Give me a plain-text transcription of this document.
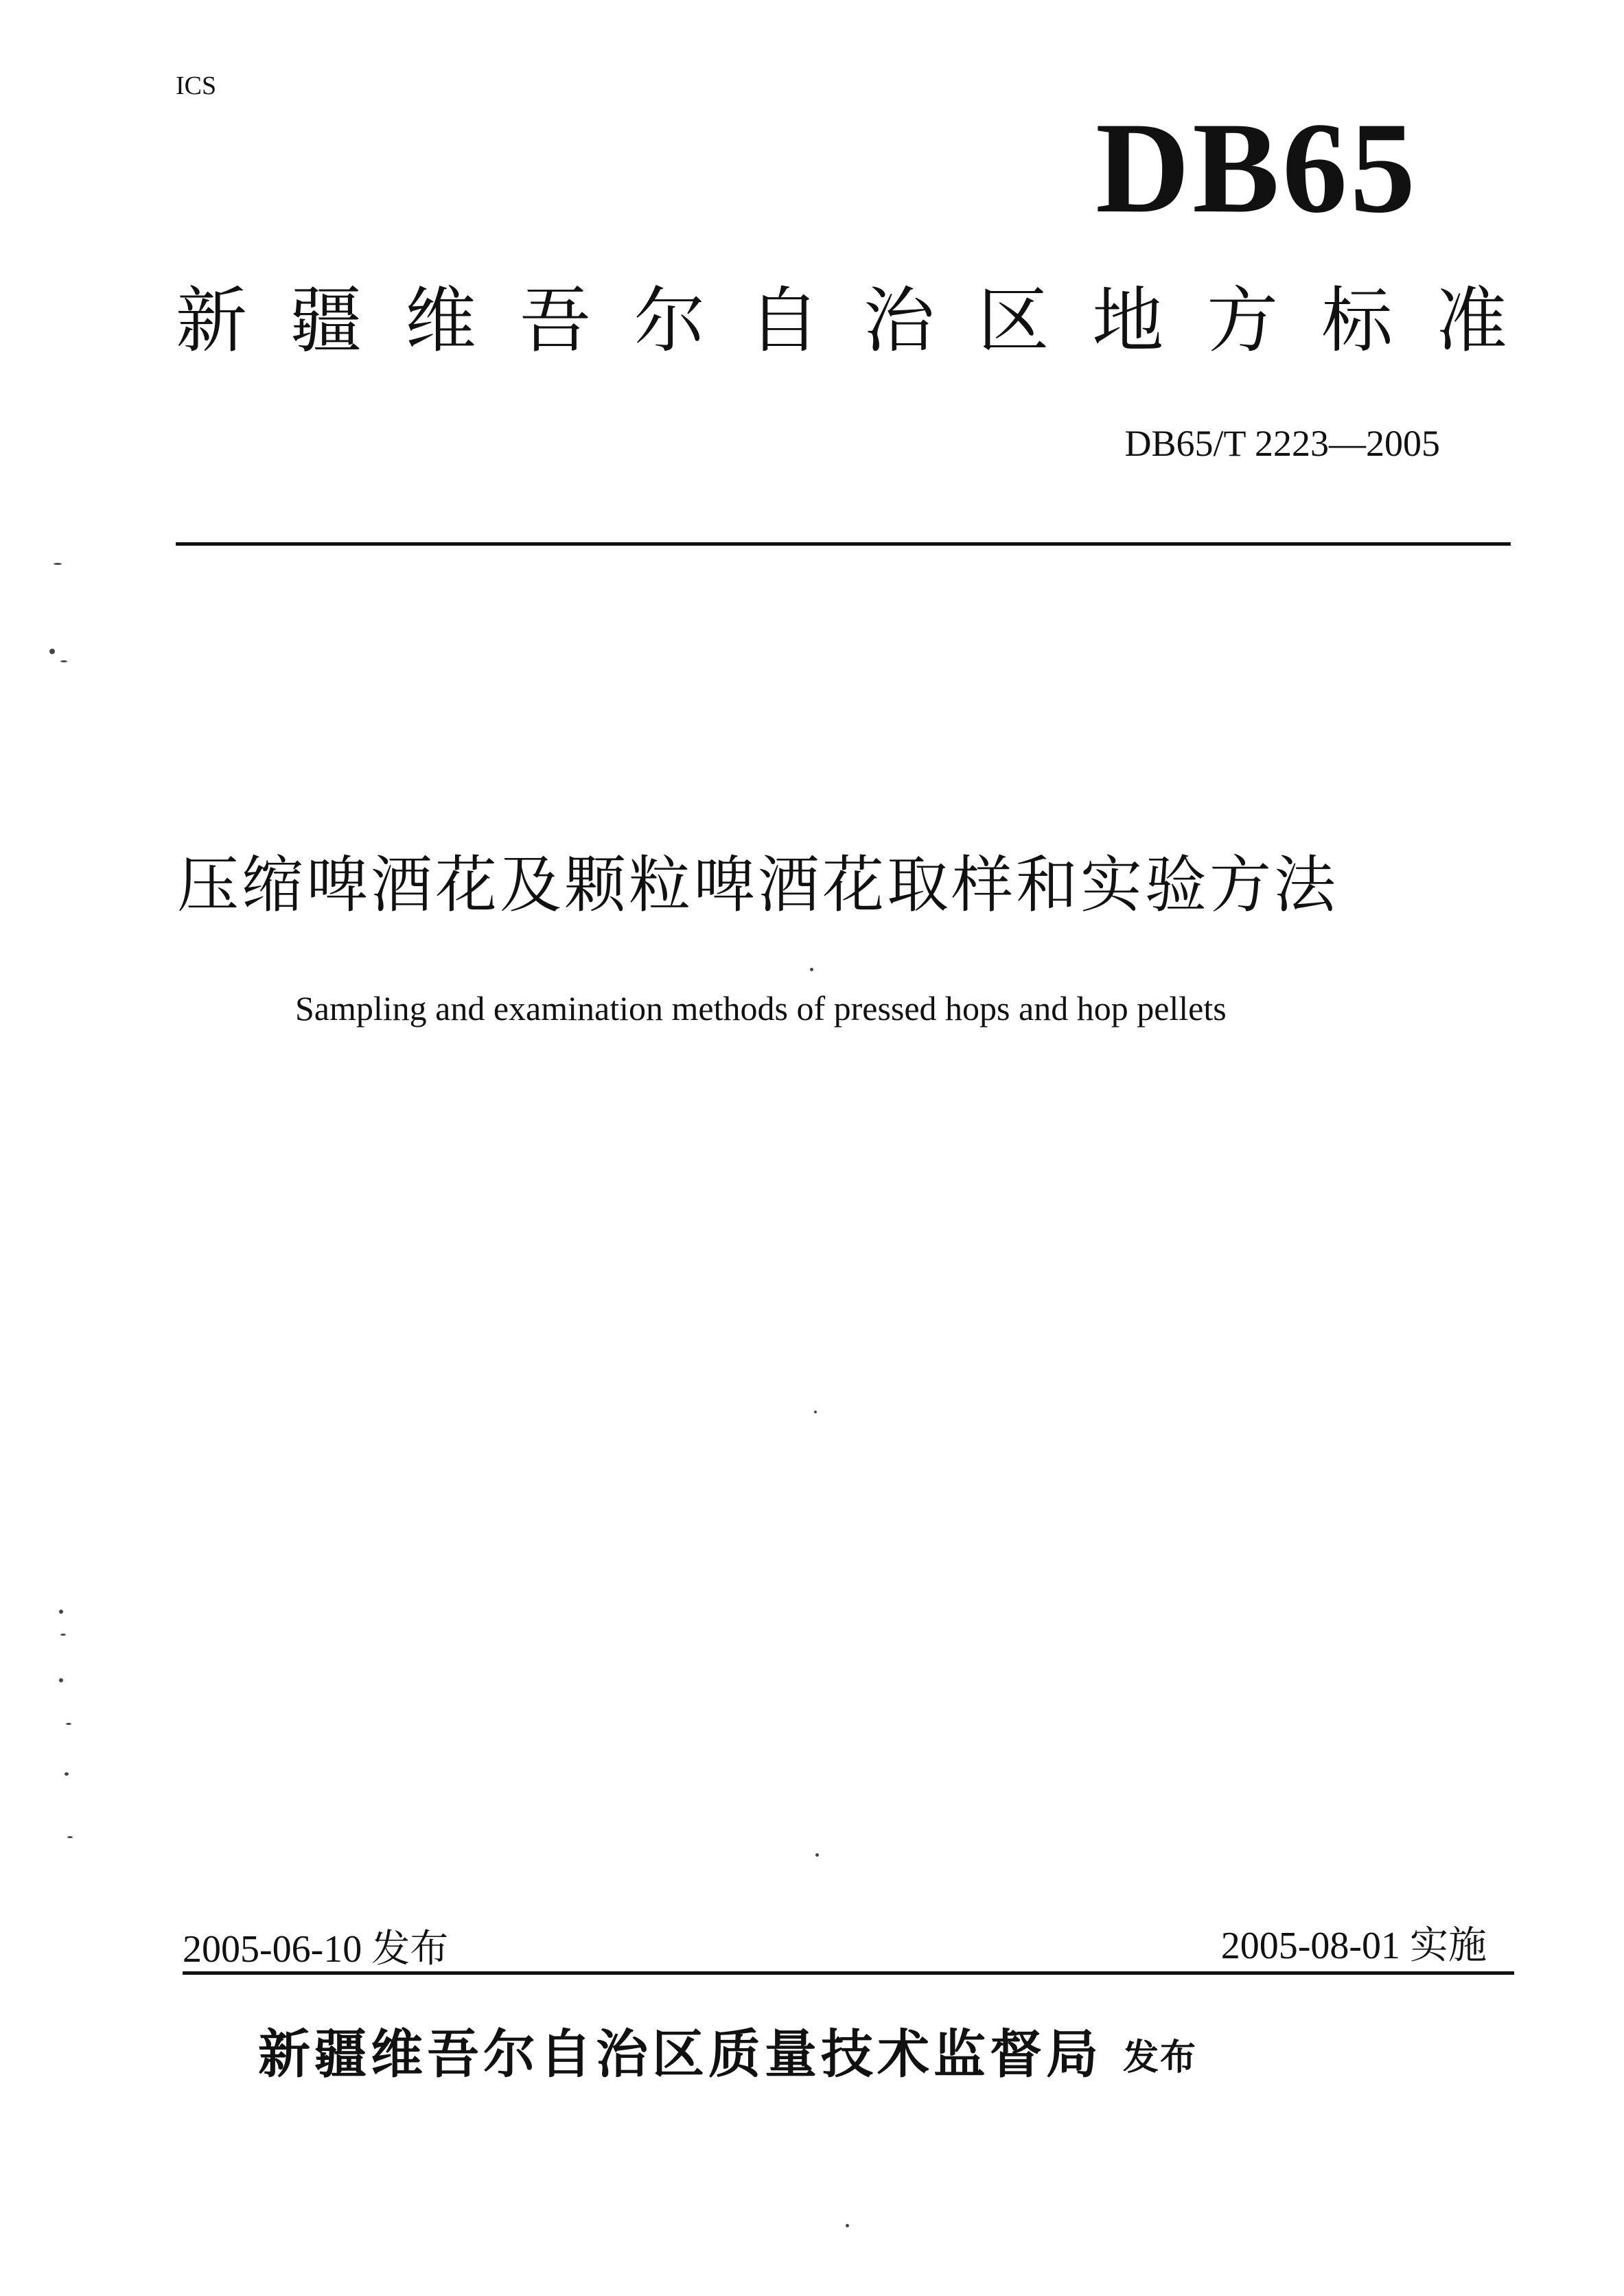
ICS
DB65
新 疆 维 吾 尔 自 治 区 地 方 标 准
DB65/T 2223—2005
压缩啤酒花及颗粒啤酒花取样和实验方法
Sampling and examination methods of pressed hops and hop pellets
2005-06-10 发布	2005-08-01 实施
新疆维吾尔自治区质量技术监督局 发布
